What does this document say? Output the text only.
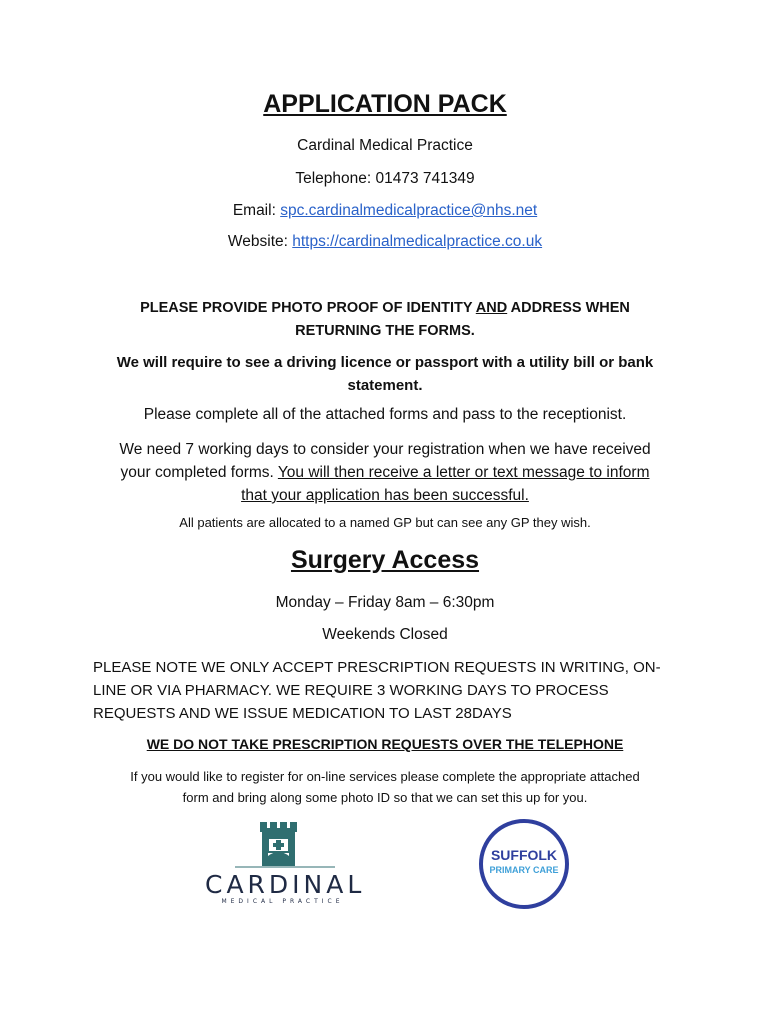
APPLICATION PACK
Cardinal Medical Practice
Telephone: 01473 741349
Email: spc.cardinalmedicalpractice@nhs.net
Website: https://cardinalmedicalpractice.co.uk
PLEASE PROVIDE PHOTO PROOF OF IDENTITY AND ADDRESS WHEN
RETURNING THE FORMS.
We will require to see a driving licence or passport with a utility bill or bank
statement.
Please complete all of the attached forms and pass to the receptionist.
We need 7 working days to consider your registration when we have received
your completed forms. You will then receive a letter or text message to inform
that your application has been successful.
All patients are allocated to a named GP but can see any GP they wish.
Surgery Access
Monday – Friday 8am – 6:30pm
Weekends Closed
PLEASE NOTE WE ONLY ACCEPT PRESCRIPTION REQUESTS IN WRITING, ON-
LINE OR VIA PHARMACY. WE REQUIRE 3 WORKING DAYS TO PROCESS
REQUESTS AND WE ISSUE MEDICATION TO LAST 28DAYS
WE DO NOT TAKE PRESCRIPTION REQUESTS OVER THE TELEPHONE
If you would like to register for on-line services please complete the appropriate attached
form and bring along some photo ID so that we can set this up for you.
CARDINAL
MEDICAL PRACTICE
SUFFOLK
PRIMARY CARE
